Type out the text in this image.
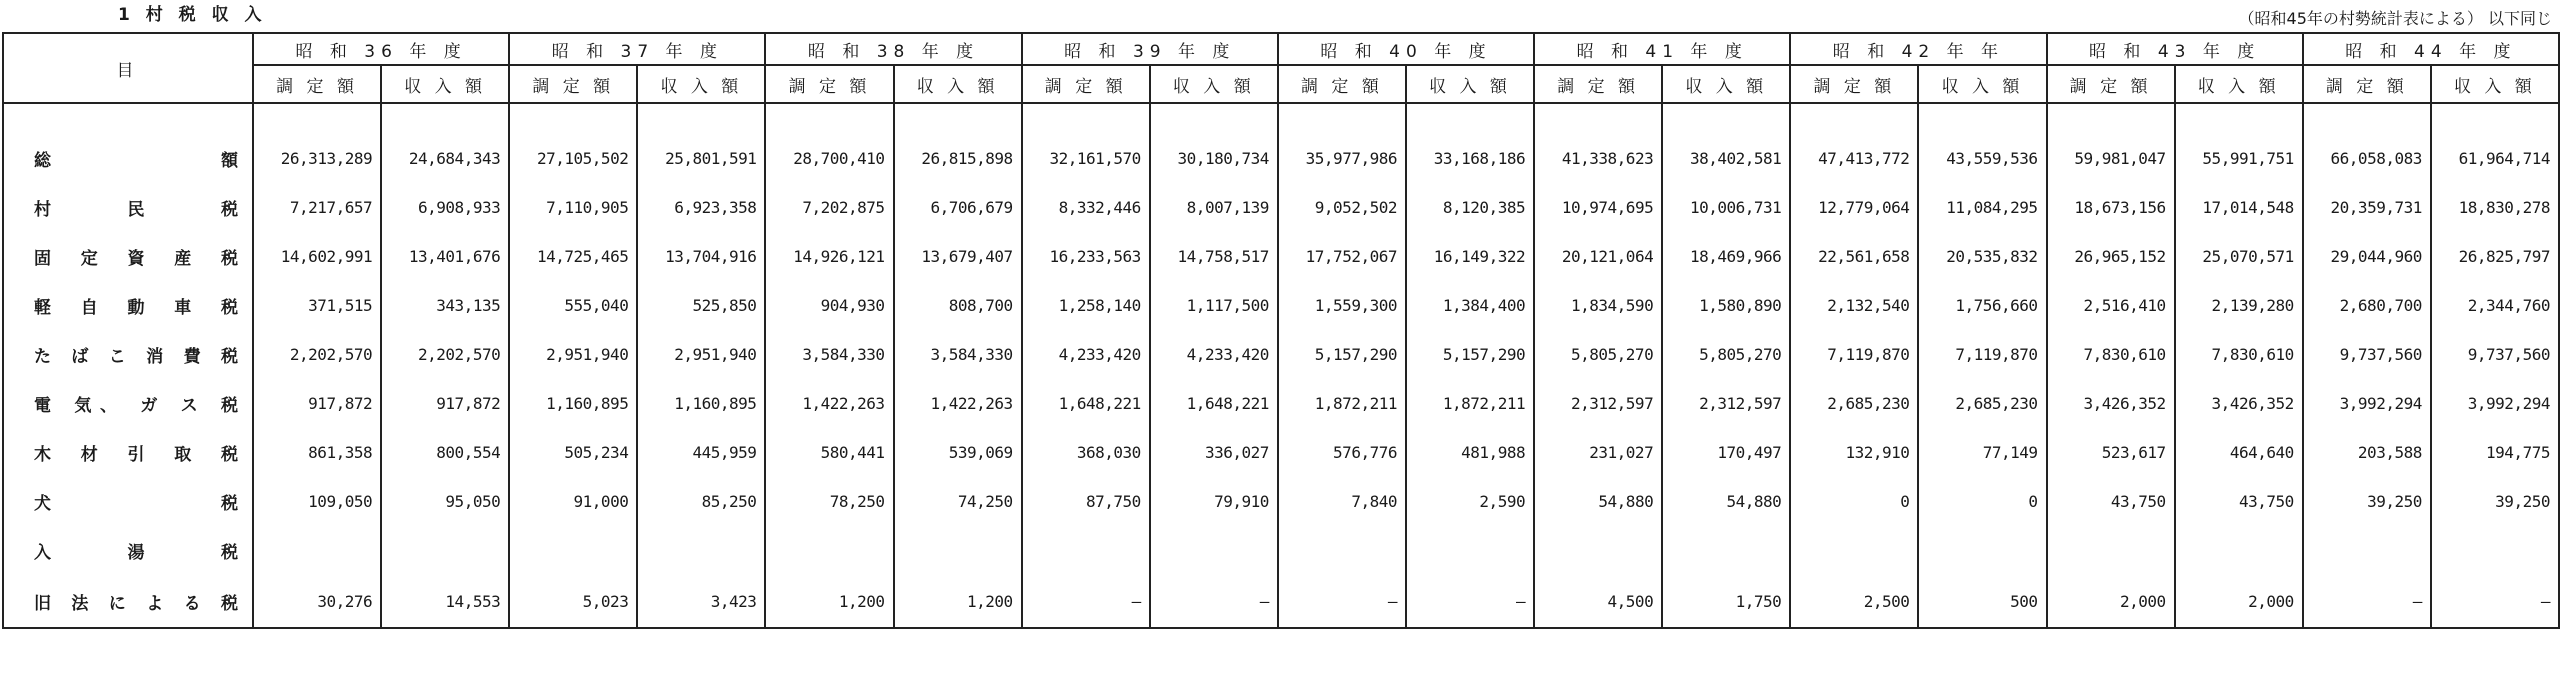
1 村 税 収 入	（昭和45年の村勢統計表による） 以下同じ
目	昭 和 36 年 度		昭 和 37 年 度		昭 和 38 年 度		昭 和 39 年 度		昭 和 40 年 度		昭 和 41 年 度		昭 和 42 年 年		昭 和 43 年 度		昭 和 44 年 度	
	調 定 額	収 入 額	調 定 額	収 入 額	調 定 額	収 入 額	調 定 額	収 入 額	調 定 額	収 入 額	調 定 額	収 入 額	調 定 額	収 入 額	調 定 額	収 入 額	調 定 額	収 入 額

総 額	26,313,289	24,684,343	27,105,502	25,801,591	28,700,410	26,815,898	32,161,570	30,180,734	35,977,986	33,168,186	41,338,623	38,402,581	47,413,772	43,559,536	59,981,047	55,991,751	66,058,083	61,964,714
村 民 税	7,217,657	6,908,933	7,110,905	6,923,358	7,202,875	6,706,679	8,332,446	8,007,139	9,052,502	8,120,385	10,974,695	10,006,731	12,779,064	11,084,295	18,673,156	17,014,548	20,359,731	18,830,278
固 定 資 産 税	14,602,991	13,401,676	14,725,465	13,704,916	14,926,121	13,679,407	16,233,563	14,758,517	17,752,067	16,149,322	20,121,064	18,469,966	22,561,658	20,535,832	26,965,152	25,070,571	29,044,960	26,825,797
軽 自 動 車 税	371,515	343,135	555,040	525,850	904,930	808,700	1,258,140	1,117,500	1,559,300	1,384,400	1,834,590	1,580,890	2,132,540	1,756,660	2,516,410	2,139,280	2,680,700	2,344,760
た ば こ 消 費 税	2,202,570	2,202,570	2,951,940	2,951,940	3,584,330	3,584,330	4,233,420	4,233,420	5,157,290	5,157,290	5,805,270	5,805,270	7,119,870	7,119,870	7,830,610	7,830,610	9,737,560	9,737,560
電 気、 ガ ス 税	917,872	917,872	1,160,895	1,160,895	1,422,263	1,422,263	1,648,221	1,648,221	1,872,211	1,872,211	2,312,597	2,312,597	2,685,230	2,685,230	3,426,352	3,426,352	3,992,294	3,992,294
木 材 引 取 税	861,358	800,554	505,234	445,959	580,441	539,069	368,030	336,027	576,776	481,988	231,027	170,497	132,910	77,149	523,617	464,640	203,588	194,775
犬 税	109,050	95,050	91,000	85,250	78,250	74,250	87,750	79,910	7,840	2,590	54,880	54,880	0	0	43,750	43,750	39,250	39,250
入 湯 税																		
旧 法 に よ る 税	30,276	14,553	5,023	3,423	1,200	1,200	—	—	—	—	4,500	1,750	2,500	500	2,000	2,000	—	—
